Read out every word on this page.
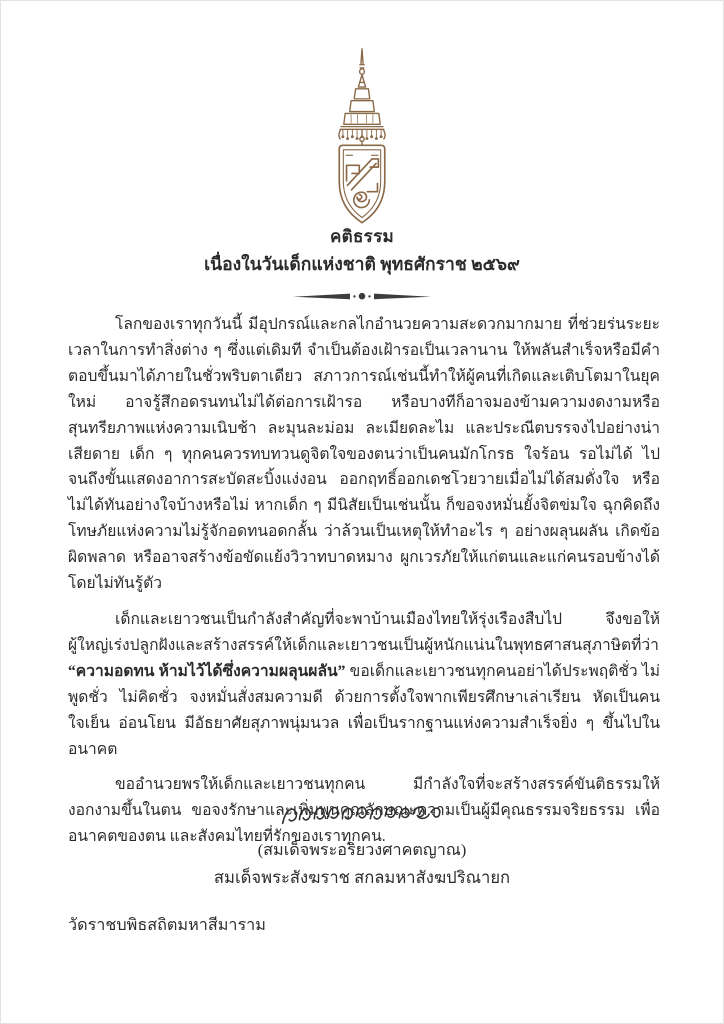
คติธรรม
เนื่องในวันเด็กแห่งชาติ พุทธศักราช ๒๕๖๙

โลกของเราทุกวันนี้ มีอุปกรณ์และกลไกอำนวยความสะดวกมากมาย ที่ช่วยร่นระยะเวลาในการทำสิ่งต่าง ๆ ซึ่งแต่เดิมที จำเป็นต้องเฝ้ารอเป็นเวลานาน ให้พลันสำเร็จหรือมีคำตอบขึ้นมาได้ภายในชั่วพริบตาเดียว สภาวการณ์เช่นนี้ทำให้ผู้คนที่เกิดและเติบโตมาในยุคใหม่ อาจรู้สึกอดรนทนไม่ได้ต่อการเฝ้ารอ หรือบางทีก็อาจมองข้ามความงดงามหรือสุนทรียภาพแห่งความเนิบช้า ละมุนละม่อม ละเมียดละไม และประณีตบรรจงไปอย่างน่าเสียดาย เด็ก ๆ ทุกคนควรทบทวนดูจิตใจของตนว่าเป็นคนมักโกรธ ใจร้อน รอไม่ได้ ไปจนถึงขั้นแสดงอาการสะบัดสะบิ้งแง่งอน ออกฤทธิ์ออกเดชโวยวายเมื่อไม่ได้สมดั่งใจ หรือไม่ได้ทันอย่างใจบ้างหรือไม่ หากเด็ก ๆ มีนิสัยเป็นเช่นนั้น ก็ขอจงหมั่นยั้งจิตข่มใจ ฉุกคิดถึงโทษภัยแห่งความไม่รู้จักอดทนอดกลั้น ว่าล้วนเป็นเหตุให้ทำอะไร ๆ อย่างผลุนผลัน เกิดข้อผิดพลาด หรืออาจสร้างข้อขัดแย้งวิวาทบาดหมาง ผูกเวรภัยให้แก่ตนและแก่คนรอบข้างได้โดยไม่ทันรู้ตัว

เด็กและเยาวชนเป็นกำลังสำคัญที่จะพาบ้านเมืองไทยให้รุ่งเรืองสืบไป จึงขอให้ผู้ใหญ่เร่งปลูกฝังและสร้างสรรค์ให้เด็กและเยาวชนเป็นผู้หนักแน่นในพุทธศาสนสุภาษิตที่ว่า “ความอดทน ห้ามไว้ได้ซึ่งความผลุนผลัน” ขอเด็กและเยาวชนทุกคนอย่าได้ประพฤติชั่ว ไม่พูดชั่ว ไม่คิดชั่ว จงหมั่นสั่งสมความดี ด้วยการตั้งใจพากเพียรศึกษาเล่าเรียน หัดเป็นคนใจเย็น อ่อนโยน มีอัธยาศัยสุภาพนุ่มนวล เพื่อเป็นรากฐานแห่งความสำเร็จยิ่ง ๆ ขึ้นไปในอนาคต

ขออำนวยพรให้เด็กและเยาวชนทุกคน มีกำลังใจที่จะสร้างสรรค์ขันติธรรมให้งอกงามขึ้นในตน ขอจงรักษาและเพิ่มพูนคุณลักษณะความเป็นผู้มีคุณธรรมจริยธรรม เพื่ออนาคตของตน และสังคมไทยที่รักของเราทุกคน.

(สมเด็จพระอริยวงศาคตญาณ)

สมเด็จพระสังฆราช สกลมหาสังฆปริณายก

วัดราชบพิธสถิตมหาสีมาราม
